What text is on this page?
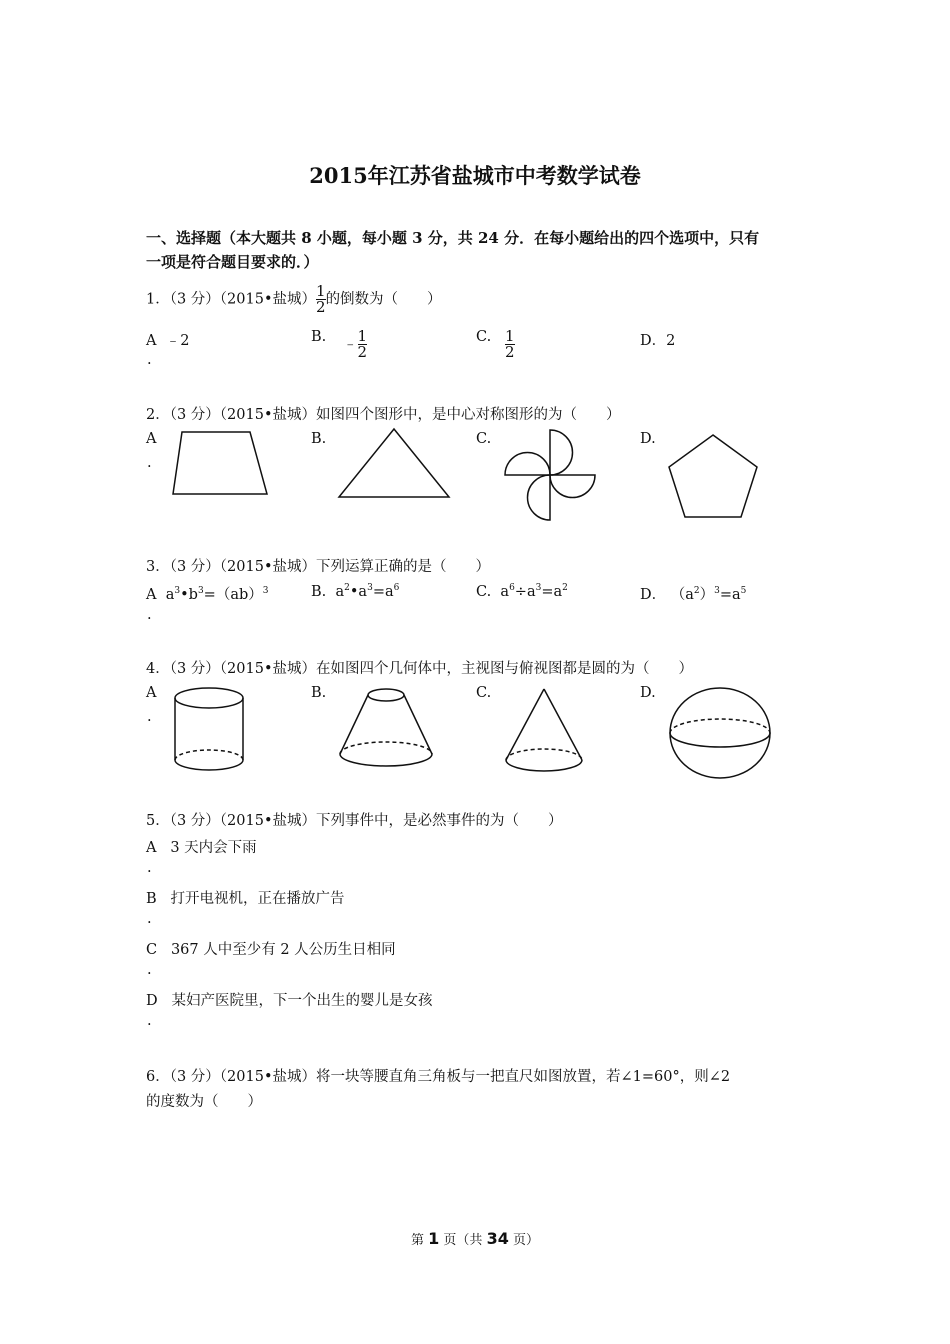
2015年江苏省盐城市中考数学试卷
一、选择题（本大题共 8 小题，每小题 3 分，共 24 分．在每小题给出的四个选项中，只有
一项是符合题目要求的．）
1．（3 分）（2015•盐城） $\frac{1}{2}$ 的倒数为（　　）
A ﹣2
.
B. ﹣ $\frac{1}{2}$	C. $\frac{1}{2}$	D．2
2．（3 分）（2015•盐城）如图四个图形中，是中心对称图形的为（　　）
A
.
B.	C.	D.
3．（3 分）（2015•盐城）下列运算正确的是（　　）
A  $a^3•b^3=(ab)^3$
.
B.  $a^2•a^3=a^6$	C.  $a^6\div a^3=a^2$	D． $(a^2)^3=a^5$
4．（3 分）（2015•盐城）在如图四个几何体中，主视图与俯视图都是圆的为（　　）
A
.
B.	C.	D.
5．（3 分）（2015•盐城）下列事件中，是必然事件的为（　　）
A 3 天内会下雨
.
B 打开电视机，正在播放广告
.
C 367 人中至少有 2 人公历生日相同
.
D 某妇产医院里，下一个出生的婴儿是女孩
.
6．（3 分）（2015•盐城）将一块等腰直角三角板与一把直尺如图放置，若∠1=60°，则∠2
的度数为（　　）
第 1 页（共 34 页）
